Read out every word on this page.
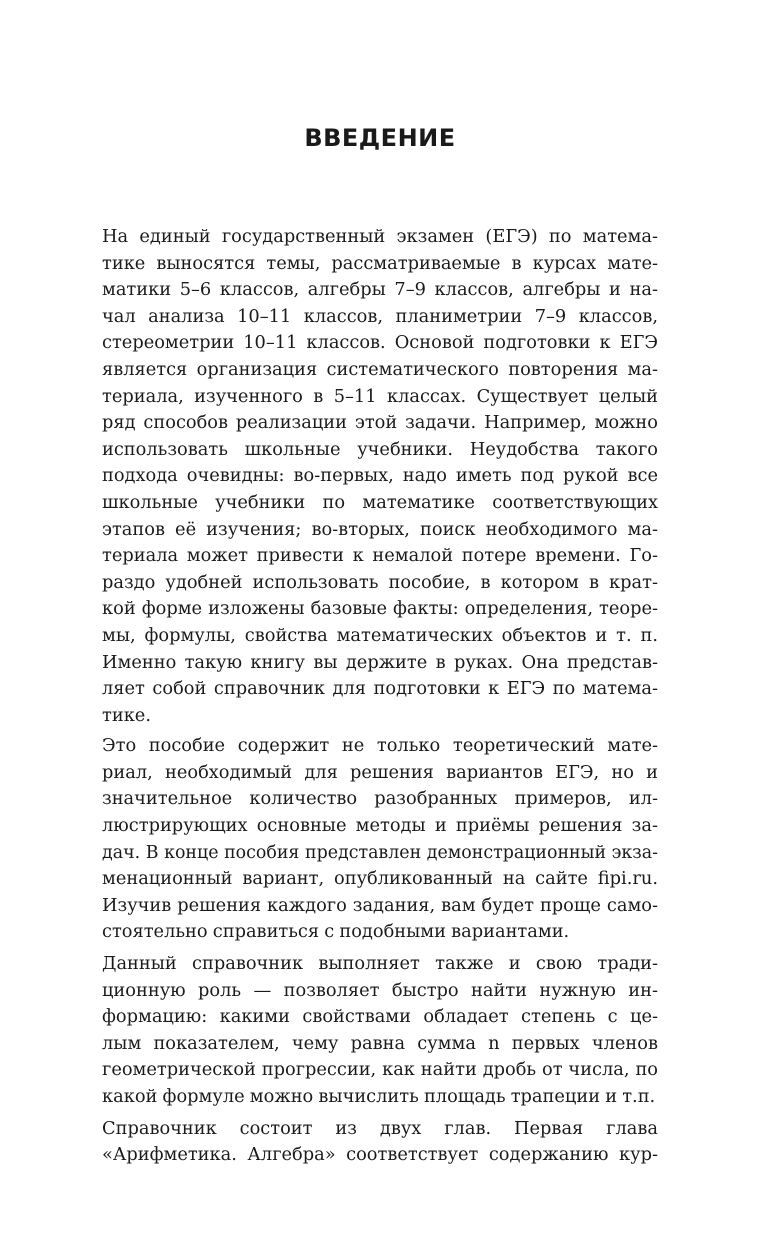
ВВЕДЕНИЕ
На единый государственный экзамен (ЕГЭ) по матема-
тике выносятся темы, рассматриваемые в курсах мате-
матики 5–6 классов, алгебры 7–9 классов, алгебры и на-
чал анализа 10–11 классов, планиметрии 7–9 классов,
стереометрии 10–11 классов. Основой подготовки к ЕГЭ
является организация систематического повторения ма-
териала, изученного в 5–11 классах. Существует целый
ряд способов реализации этой задачи. Например, можно
использовать школьные учебники. Неудобства такого
подхода очевидны: во-первых, надо иметь под рукой все
школьные учебники по математике соответствующих
этапов её изучения; во-вторых, поиск необходимого ма-
териала может привести к немалой потере времени. Го-
раздо удобней использовать пособие, в котором в крат-
кой форме изложены базовые факты: определения, теоре-
мы, формулы, свойства математических объектов и т. п.
Именно такую книгу вы держите в руках. Она представ-
ляет собой справочник для подготовки к ЕГЭ по матема-
тике.
Это пособие содержит не только теоретический мате-
риал, необходимый для решения вариантов ЕГЭ, но и
значительное количество разобранных примеров, ил-
люстрирующих основные методы и приёмы решения за-
дач. В конце пособия представлен демонстрационный экза-
менационный вариант, опубликованный на сайте fipi.ru.
Изучив решения каждого задания, вам будет проще само-
стоятельно справиться с подобными вариантами.
Данный справочник выполняет также и свою тради-
ционную роль — позволяет быстро найти нужную ин-
формацию: какими свойствами обладает степень с це-
лым показателем, чему равна сумма n первых членов
геометрической прогрессии, как найти дробь от числа, по
какой формуле можно вычислить площадь трапеции и т.п.
Справочник состоит из двух глав. Первая глава
«Арифметика. Алгебра» соответствует содержанию кур-
